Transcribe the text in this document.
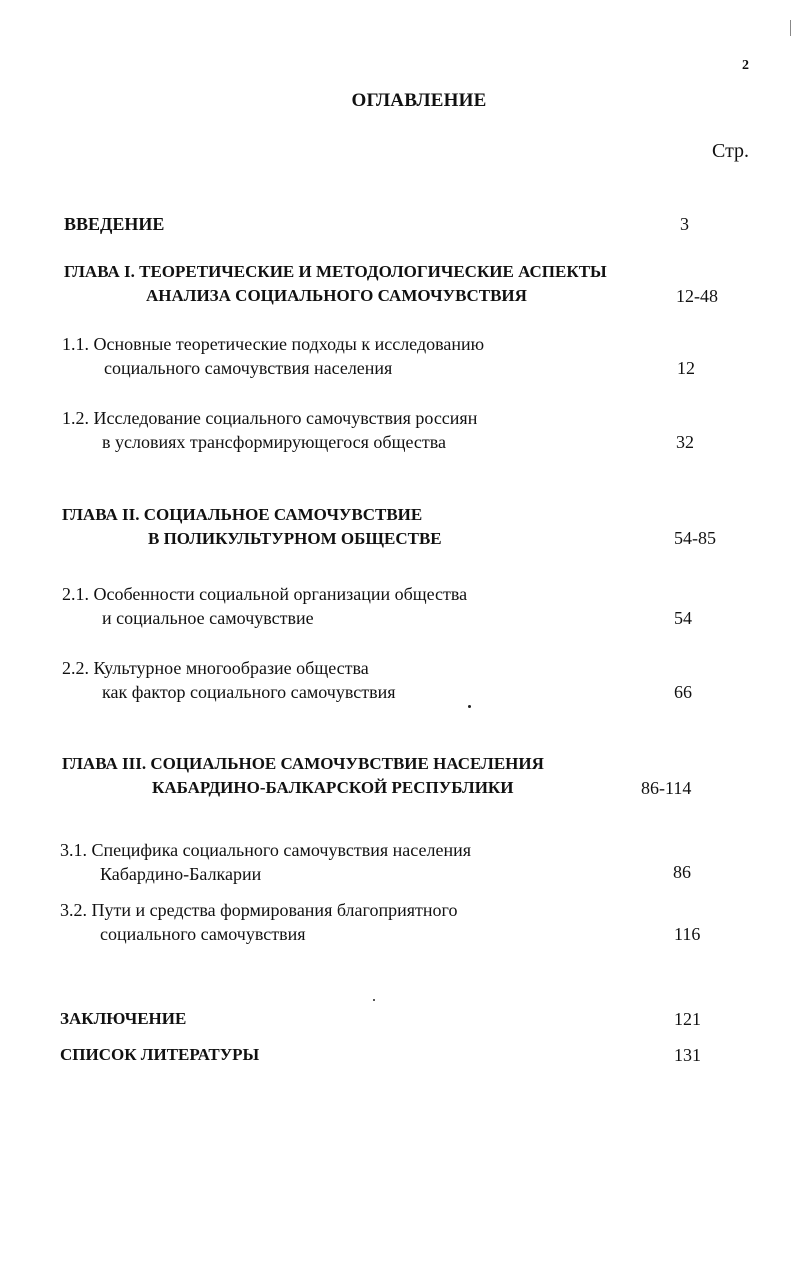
2
ОГЛАВЛЕНИЕ
Стр.
ВВЕДЕНИЕ	3
ГЛАВА I. ТЕОРЕТИЧЕСКИЕ И МЕТОДОЛОГИЧЕСКИЕ АСПЕКТЫ
АНАЛИЗА СОЦИАЛЬНОГО САМОЧУВСТВИЯ	12-48
1.1. Основные теоретические подходы к исследованию
социального самочувствия населения	12
1.2. Исследование социального самочувствия россиян
в условиях трансформирующегося общества	32
ГЛАВА II. СОЦИАЛЬНОЕ САМОЧУВСТВИЕ
В ПОЛИКУЛЬТУРНОМ ОБЩЕСТВЕ	54-85
2.1. Особенности социальной организации общества
и социальное самочувствие	54
2.2. Культурное многообразие общества
как фактор социального самочувствия	66
ГЛАВА III. СОЦИАЛЬНОЕ САМОЧУВСТВИЕ НАСЕЛЕНИЯ
КАБАРДИНО-БАЛКАРСКОЙ РЕСПУБЛИКИ	86-114
3.1. Специфика социального самочувствия населения
Кабардино-Балкарии	86
3.2. Пути и средства формирования благоприятного
социального самочувствия	116
ЗАКЛЮЧЕНИЕ	121
СПИСОК ЛИТЕРАТУРЫ	131
